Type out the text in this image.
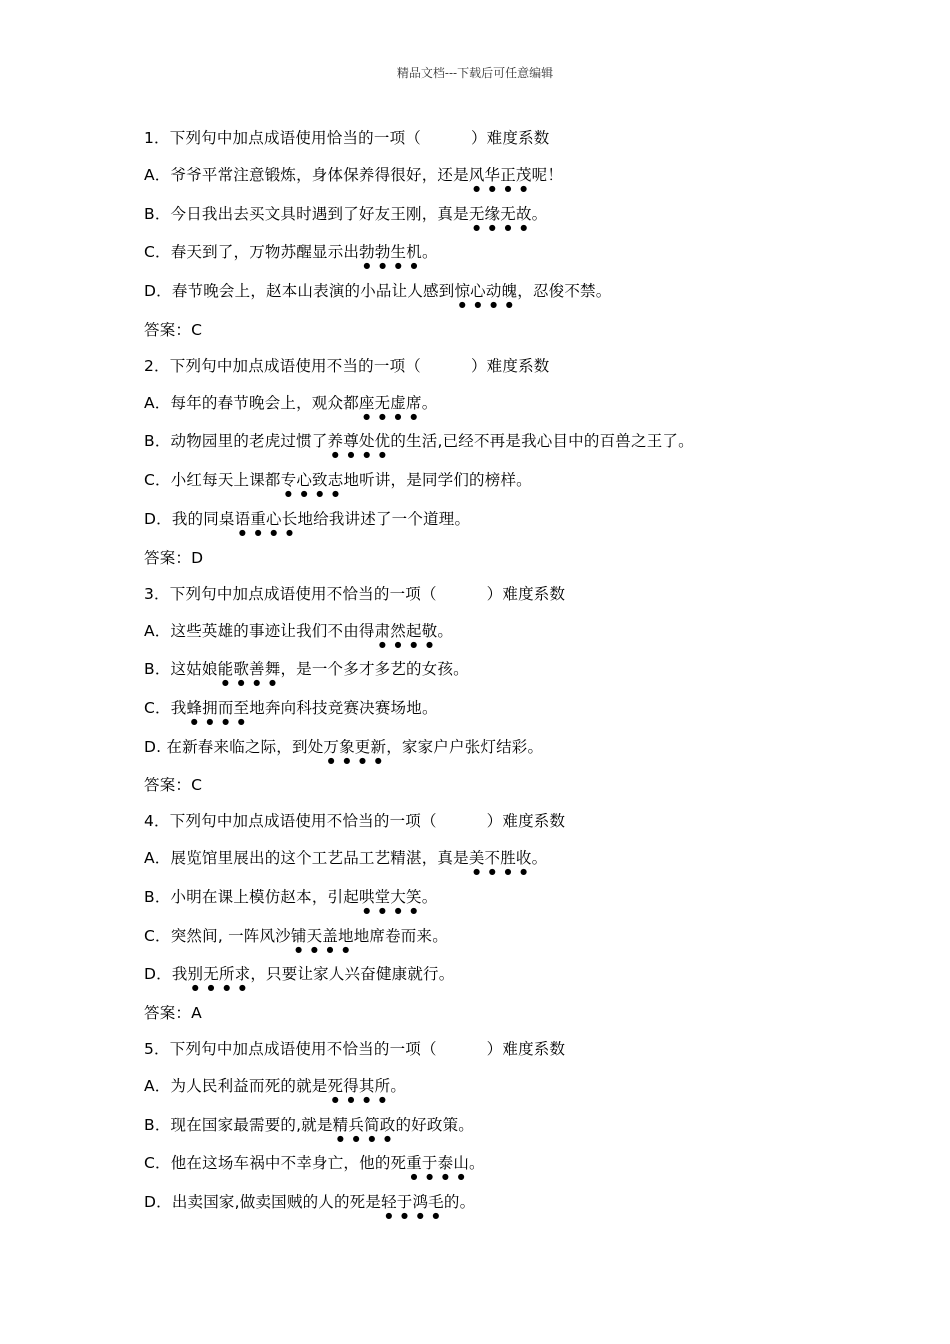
精品文档---下载后可任意编辑
1．下列句中加点成语使用恰当的一项（	）难度系数
A．爷爷平常注意锻炼，身体保养得很好，还是风华正茂呢！
B．今日我出去买文具时遇到了好友王刚，真是无缘无故。
C．春天到了，万物苏醒显示出勃勃生机。
D．春节晚会上，赵本山表演的小品让人感到惊心动魄，忍俊不禁。
答案：C
2．下列句中加点成语使用不当的一项（	）难度系数
A．每年的春节晚会上，观众都座无虚席。
B．动物园里的老虎过惯了养尊处优的生活,已经不再是我心目中的百兽之王了。
C．小红每天上课都专心致志地听讲，是同学们的榜样。
D．我的同桌语重心长地给我讲述了一个道理。
答案：D
3．下列句中加点成语使用不恰当的一项（	）难度系数
A．这些英雄的事迹让我们不由得肃然起敬。
B．这姑娘能歌善舞，是一个多才多艺的女孩。
C．我蜂拥而至地奔向科技竞赛决赛场地。
D. 在新春来临之际，到处万象更新，家家户户张灯结彩。
答案：C
4．下列句中加点成语使用不恰当的一项（	）难度系数
A．展览馆里展出的这个工艺品工艺精湛，真是美不胜收。
B．小明在课上模仿赵本，引起哄堂大笑。
C．突然间, 一阵风沙铺天盖地地席卷而来。
D．我别无所求，只要让家人兴奋健康就行。
答案：A
5．下列句中加点成语使用不恰当的一项（	）难度系数
A．为人民利益而死的就是死得其所。
B．现在国家最需要的,就是精兵简政的好政策。
C．他在这场车祸中不幸身亡，他的死重于泰山。
D．出卖国家,做卖国贼的人的死是轻于鸿毛的。
